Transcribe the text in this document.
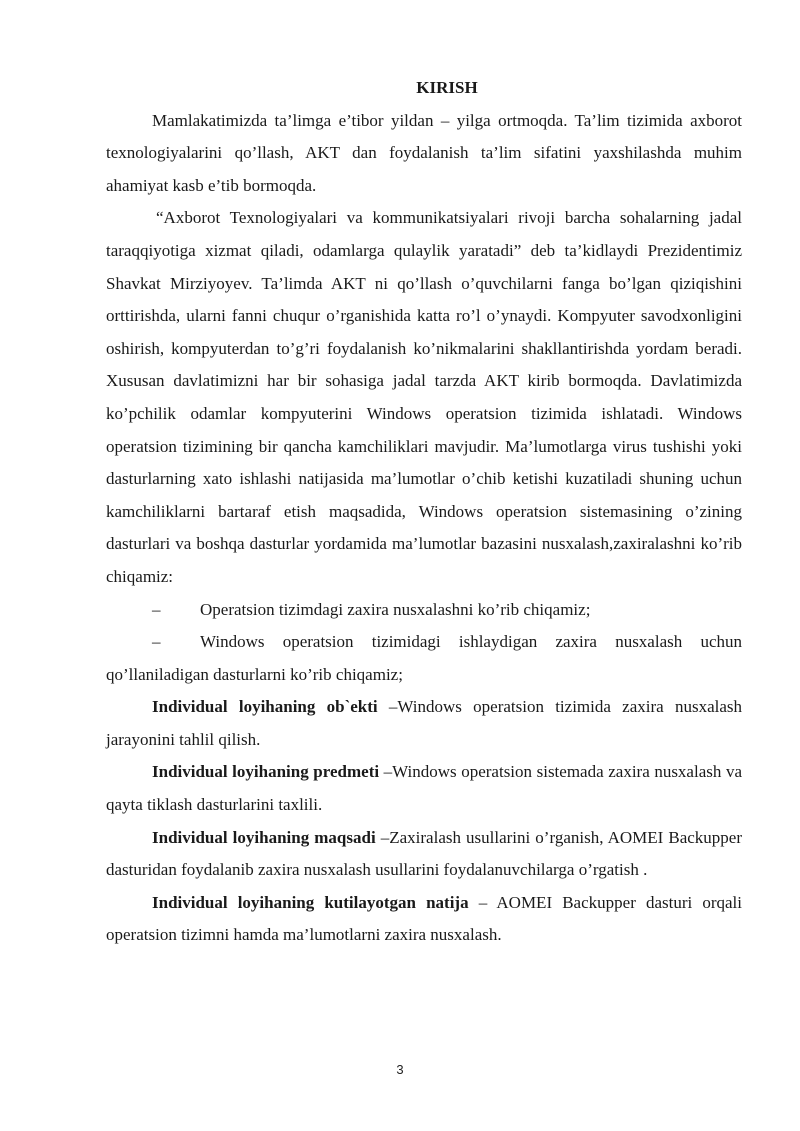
KIRISH

Mamlakatimizda ta’limga e’tibor yildan – yilga ortmoqda. Ta’lim tizimida axborot texnologiyalarini qo’llash, AKT dan foydalanish ta’lim sifatini yaxshilashda muhim ahamiyat kasb e’tib bormoqda.

“Axborot Texnologiyalari va kommunikatsiyalari rivoji barcha sohalarning jadal taraqqiyotiga xizmat qiladi, odamlarga qulaylik yaratadi” deb ta’kidlaydi Prezidentimiz Shavkat Mirziyoyev. Ta’limda AKT ni qo’llash o’quvchilarni fanga bo’lgan qiziqishini orttirishda, ularni fanni chuqur o’rganishida katta ro’l o’ynaydi. Kompyuter savodxonligini oshirish, kompyuterdan to’g’ri foydalanish ko’nikmalarini shakllantirishda yordam beradi. Xususan davlatimizni har bir sohasiga jadal tarzda AKT kirib bormoqda. Davlatimizda ko’pchilik odamlar kompyuterini Windows operatsion tizimida ishlatadi. Windows operatsion tizimining bir qancha kamchiliklari mavjudir. Ma’lumotlarga virus tushishi yoki dasturlarning xato ishlashi natijasida ma’lumotlar o’chib ketishi kuzatiladi shuning uchun kamchiliklarni bartaraf etish maqsadida, Windows operatsion sistemasining o’zining dasturlari va boshqa dasturlar yordamida ma’lumotlar bazasini nusxalash,zaxiralashni ko’rib chiqamiz:

– Operatsion tizimdagi zaxira nusxalashni ko’rib chiqamiz;

– Windows operatsion tizimidagi ishlaydigan zaxira nusxalash uchun qo’llaniladigan dasturlarni ko’rib chiqamiz;

Individual loyihaning ob`ekti –Windows operatsion tizimida zaxira nusxalash jarayonini tahlil qilish.

Individual loyihaning predmeti –Windows operatsion sistemada zaxira nusxalash va qayta tiklash dasturlarini taxlili.

Individual loyihaning maqsadi –Zaxiralash usullarini o’rganish, AOMEI Backupper dasturidan foydalanib zaxira nusxalash usullarini foydalanuvchilarga o’rgatish .

Individual loyihaning kutilayotgan natija – AOMEI Backupper dasturi orqali operatsion tizimni hamda ma’lumotlarni zaxira nusxalash.

3
